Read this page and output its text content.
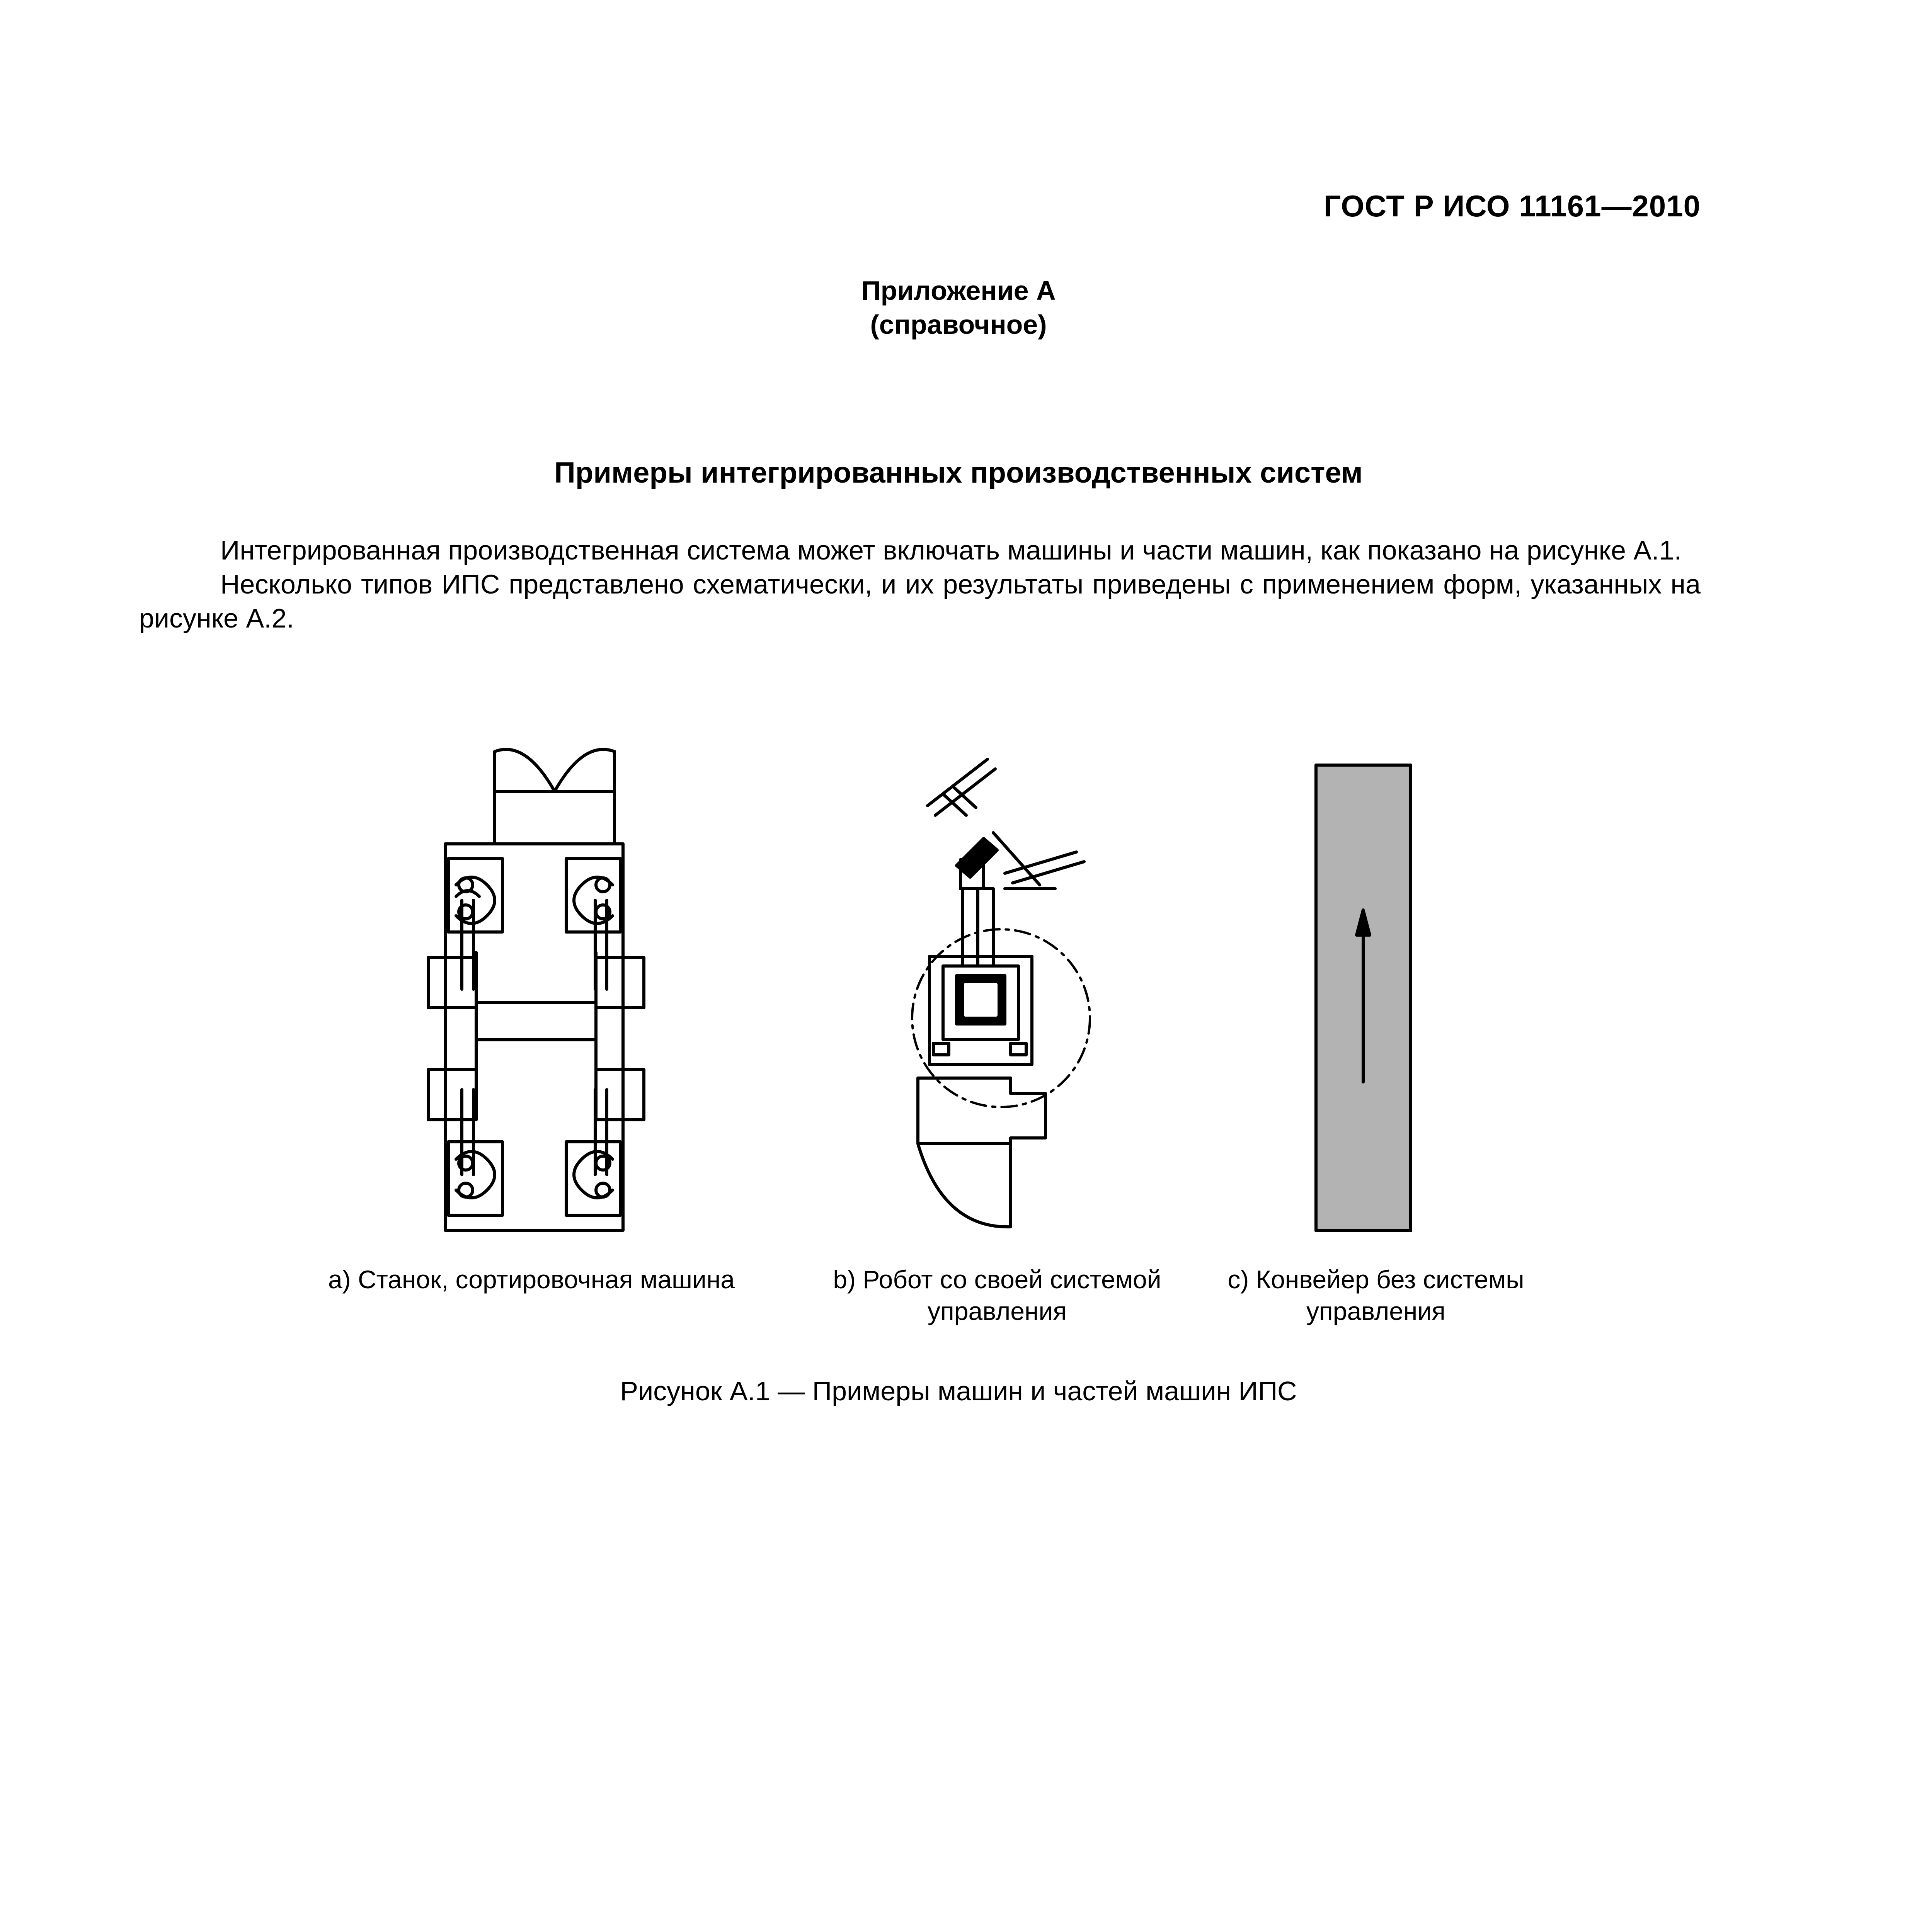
ГОСТ Р ИСО 11161—2010
Приложение А
(справочное)
Примеры интегрированных производственных систем

Интегрированная производственная система может включать машины и части машин, как показано на рисунке А.1.

Несколько типов ИПС представлено схематически, и их результаты приведены с применением форм, указанных на рисунке А.2.

а) Станок, сортировочная машина	b) Робот со своей системой
управления
с) Конвейер без системы
управления
Рисунок А.1 — Примеры машин и частей машин ИПС
